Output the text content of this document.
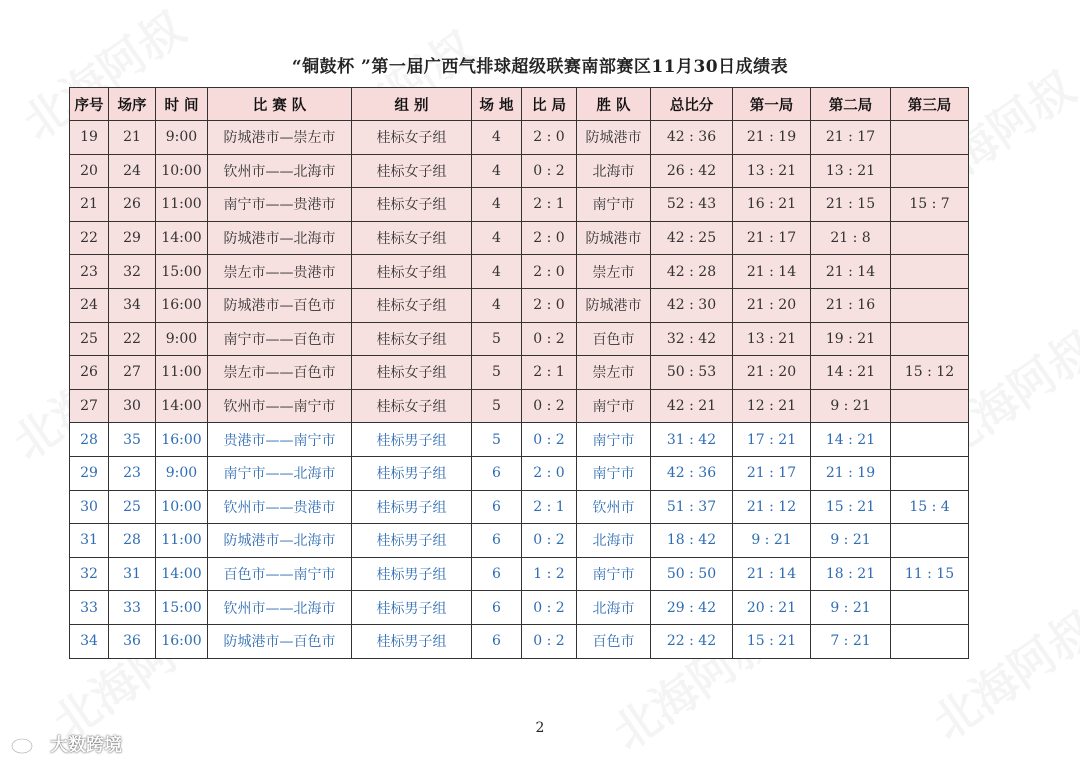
“铜鼓杯 ”第一届广西气排球超级联赛南部赛区11月30日成绩表
序号	场序	时 间	比 赛 队	组 别	场 地	比 局	胜 队	总比分	第一局	第二局	第三局
19	21	9:00	防城港市—崇左市	桂标女子组	4	2 : 0	防城港市	42 : 36	21 : 19	21 : 17	
20	24	10:00	钦州市——北海市	桂标女子组	4	0 : 2	北海市	26 : 42	13 : 21	13 : 21	
21	26	11:00	南宁市——贵港市	桂标女子组	4	2 : 1	南宁市	52 : 43	16 : 21	21 : 15	15 : 7
22	29	14:00	防城港市—北海市	桂标女子组	4	2 : 0	防城港市	42 : 25	21 : 17	21 : 8	
23	32	15:00	崇左市——贵港市	桂标女子组	4	2 : 0	崇左市	42 : 28	21 : 14	21 : 14	
24	34	16:00	防城港市—百色市	桂标女子组	4	2 : 0	防城港市	42 : 30	21 : 20	21 : 16	
25	22	9:00	南宁市——百色市	桂标女子组	5	0 : 2	百色市	32 : 42	13 : 21	19 : 21	
26	27	11:00	崇左市——百色市	桂标女子组	5	2 : 1	崇左市	50 : 53	21 : 20	14 : 21	15 : 12
27	30	14:00	钦州市——南宁市	桂标女子组	5	0 : 2	南宁市	42 : 21	12 : 21	9 : 21	
28	35	16:00	贵港市——南宁市	桂标男子组	5	0 : 2	南宁市	31 : 42	17 : 21	14 : 21	
29	23	9:00	南宁市——北海市	桂标男子组	6	2 : 0	南宁市	42 : 36	21 : 17	21 : 19	
30	25	10:00	钦州市——贵港市	桂标男子组	6	2 : 1	钦州市	51 : 37	21 : 12	15 : 21	15 : 4
31	28	11:00	防城港市—北海市	桂标男子组	6	0 : 2	北海市	18 : 42	9 : 21	9 : 21	
32	31	14:00	百色市——南宁市	桂标男子组	6	1 : 2	南宁市	50 : 50	21 : 14	18 : 21	11 : 15
33	33	15:00	钦州市——北海市	桂标男子组	6	0 : 2	北海市	29 : 42	20 : 21	9 : 21	
34	36	16:00	防城港市—百色市	桂标男子组	6	0 : 2	百色市	22 : 42	15 : 21	7 : 21	
2
大数跨境
